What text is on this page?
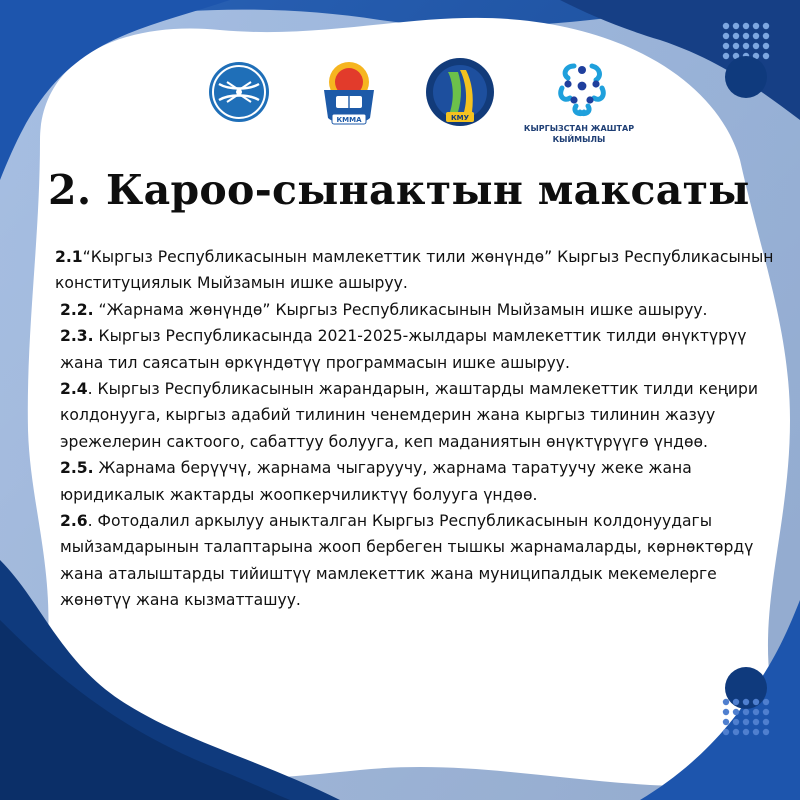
КММА	КМУ
КЫРГЫЗСТАН ЖАШТАР
КЫЙМЫЛЫ
2. Кароо-сынактын максаты
2.1“Кыргыз Республикасынын мамлекеттик тили жөнүндө” Кыргыз Республикасынын конституциялык Мыйзамын ишке ашыруу.
2.2. “Жарнама жөнүндө” Кыргыз Республикасынын Мыйзамын ишке ашыруу.
2.3. Кыргыз Республикасында 2021-2025-жылдары мамлекеттик тилди өнүктүрүү жана тил саясатын өркүндөтүү программасын ишке ашыруу.
2.4. Кыргыз Республикасынын жарандарын, жаштарды мамлекеттик тилди кеңири колдонууга, кыргыз адабий тилинин ченемдерин жана кыргыз тилинин жазуу эрежелерин сактоого, сабаттуу болууга, кеп маданиятын өнүктүрүүгө үндөө.
2.5. Жарнама берүүчү, жарнама чыгаруучу, жарнама таратуучу жеке жана юридикалык жактарды жоопкерчиликтүү болууга үндөө.
2.6. Фотодалил аркылуу аныкталган Кыргыз Республикасынын колдонуудагы мыйзамдарынын талаптарына жооп бербеген тышкы жарнамаларды, көрнөктөрдү жана аталыштарды тийиштүү мамлекеттик жана муниципалдык мекемелерге жөнөтүү жана кызматташуу.
